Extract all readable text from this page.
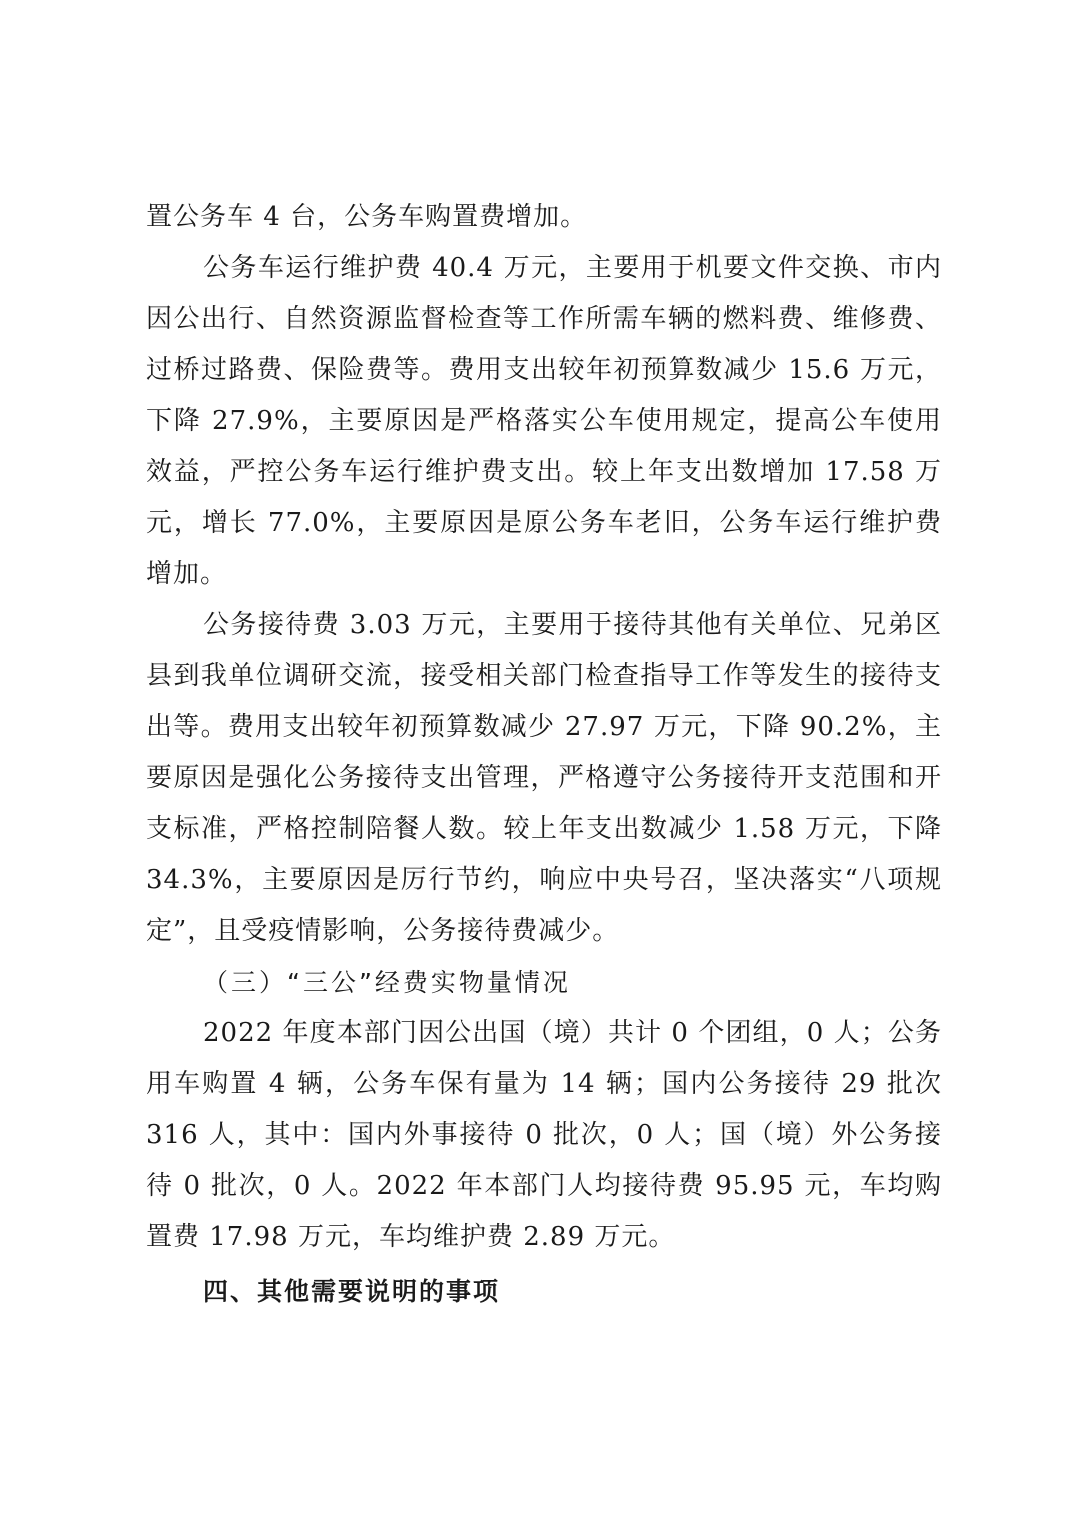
置公务车 4 台，公务车购置费增加。

公务车运行维护费 40.4 万元，主要用于机要文件交换、市内因公出行、自然资源监督检查等工作所需车辆的燃料费、维修费、过桥过路费、保险费等。费用支出较年初预算数减少 15.6 万元，下降 27.9%，主要原因是严格落实公车使用规定，提高公车使用效益，严控公务车运行维护费支出。较上年支出数增加 17.58 万元，增长 77.0%，主要原因是原公务车老旧，公务车运行维护费增加。

公务接待费 3.03 万元，主要用于接待其他有关单位、兄弟区县到我单位调研交流，接受相关部门检查指导工作等发生的接待支出等。费用支出较年初预算数减少 27.97 万元，下降 90.2%，主要原因是强化公务接待支出管理，严格遵守公务接待开支范围和开支标准，严格控制陪餐人数。较上年支出数减少 1.58 万元，下降 34.3%，主要原因是厉行节约，响应中央号召，坚决落实“八项规定”，且受疫情影响，公务接待费减少。

（三）“三公”经费实物量情况

2022 年度本部门因公出国（境）共计 0 个团组，0 人；公务用车购置 4 辆，公务车保有量为 14 辆；国内公务接待 29 批次 316 人，其中：国内外事接待 0 批次，0 人；国（境）外公务接待 0 批次，0 人。2022 年本部门人均接待费 95.95 元，车均购置费 17.98 万元，车均维护费 2.89 万元。

四、其他需要说明的事项
